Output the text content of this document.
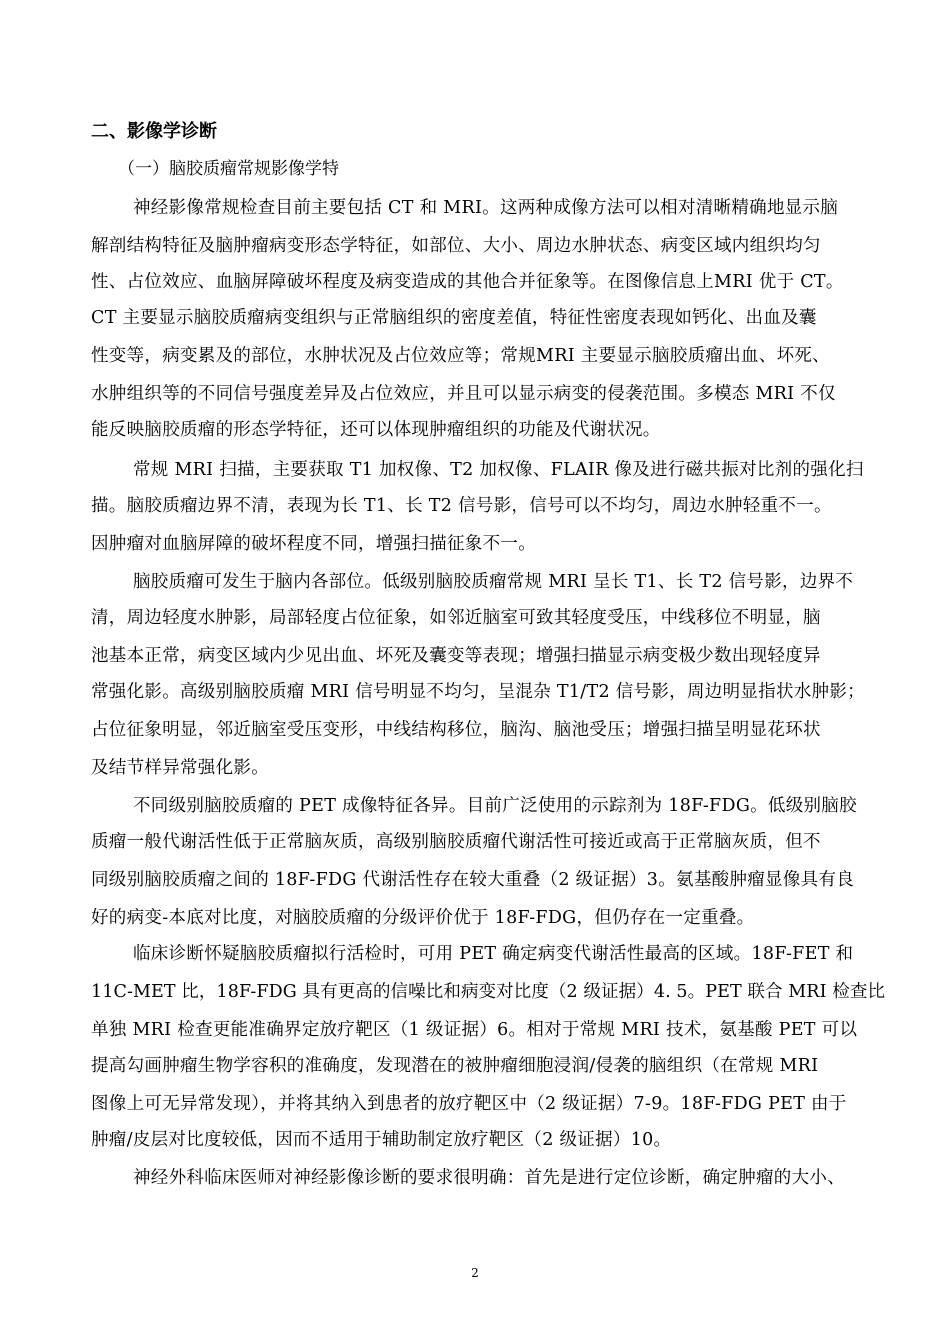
二、影像学诊断
（一）脑胶质瘤常规影像学特
神经影像常规检查目前主要包括 CT 和 MRI。这两种成像方法可以相对清晰精确地显示脑
解剖结构特征及脑肿瘤病变形态学特征，如部位、大小、周边水肿状态、病变区域内组织均匀
性、占位效应、血脑屏障破坏程度及病变造成的其他合并征象等。在图像信息上MRI 优于 CT。
CT 主要显示脑胶质瘤病变组织与正常脑组织的密度差值，特征性密度表现如钙化、出血及囊
性变等，病变累及的部位，水肿状况及占位效应等；常规MRI 主要显示脑胶质瘤出血、坏死、
水肿组织等的不同信号强度差异及占位效应，并且可以显示病变的侵袭范围。多模态 MRI 不仅
能反映脑胶质瘤的形态学特征，还可以体现肿瘤组织的功能及代谢状况。
常规 MRI 扫描，主要获取 T1 加权像、T2 加权像、FLAIR 像及进行磁共振对比剂的强化扫
描。脑胶质瘤边界不清，表现为长 T1、长 T2 信号影，信号可以不均匀，周边水肿轻重不一。
因肿瘤对血脑屏障的破坏程度不同，增强扫描征象不一。
脑胶质瘤可发生于脑内各部位。低级别脑胶质瘤常规 MRI 呈长 T1、长 T2 信号影，边界不
清，周边轻度水肿影，局部轻度占位征象，如邻近脑室可致其轻度受压，中线移位不明显，脑
池基本正常，病变区域内少见出血、坏死及囊变等表现；增强扫描显示病变极少数出现轻度异
常强化影。高级别脑胶质瘤 MRI 信号明显不均匀，呈混杂 T1/T2 信号影，周边明显指状水肿影；
占位征象明显，邻近脑室受压变形，中线结构移位，脑沟、脑池受压；增强扫描呈明显花环状
及结节样异常强化影。
不同级别脑胶质瘤的 PET 成像特征各异。目前广泛使用的示踪剂为 18F-FDG。低级别脑胶
质瘤一般代谢活性低于正常脑灰质，高级别脑胶质瘤代谢活性可接近或高于正常脑灰质，但不
同级别脑胶质瘤之间的 18F-FDG 代谢活性存在较大重叠（2 级证据）3。氨基酸肿瘤显像具有良
好的病变-本底对比度，对脑胶质瘤的分级评价优于 18F-FDG，但仍存在一定重叠。
临床诊断怀疑脑胶质瘤拟行活检时，可用 PET 确定病变代谢活性最高的区域。18F-FET 和
11C-MET 比，18F-FDG 具有更高的信噪比和病变对比度（2 级证据）4. 5。PET 联合 MRI 检查比
单独 MRI 检查更能准确界定放疗靶区（1 级证据）6。相对于常规 MRI 技术，氨基酸 PET 可以
提高勾画肿瘤生物学容积的准确度，发现潜在的被肿瘤细胞浸润/侵袭的脑组织（在常规 MRI
图像上可无异常发现），并将其纳入到患者的放疗靶区中（2 级证据）7-9。18F-FDG PET 由于
肿瘤/皮层对比度较低，因而不适用于辅助制定放疗靶区（2 级证据）10。
神经外科临床医师对神经影像诊断的要求很明确：首先是进行定位诊断，确定肿瘤的大小、
2
